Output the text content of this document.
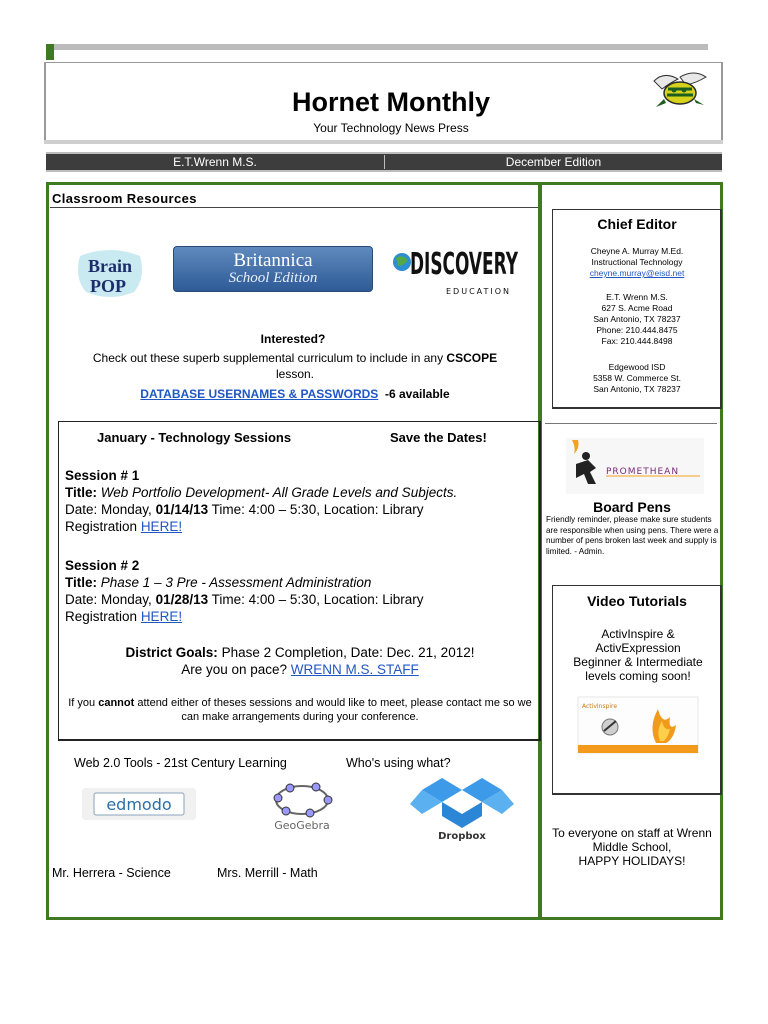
Hornet Monthly
Your Technology News Press
E.T.Wrenn M.S.	December Edition
Classroom Resources
Brain
POP
Britannica
School Edition	DISCOVERY
EDUCATION
Interested?
Check out these superb supplemental curriculum to include in any CSCOPE
lesson.
DATABASE USERNAMES & PASSWORDS -6 available
January - Technology Sessions	Save the Dates!
Session # 1
Title: Web Portfolio Development- All Grade Levels and Subjects.
Date: Monday, 01/14/13 Time: 4:00 – 5:30, Location: Library
Registration HERE!
Session # 2
Title: Phase 1 – 3 Pre - Assessment Administration
Date: Monday, 01/28/13 Time: 4:00 – 5:30, Location: Library
Registration HERE!
District Goals: Phase 2 Completion, Date: Dec. 21, 2012!
Are you on pace? WRENN M.S. STAFF
If you cannot attend either of theses sessions and would like to meet, please contact me so we can make arrangements during your conference.
Web 2.0 Tools - 21st Century Learning	Who's using what?
edmodo
GeoGebra
Dropbox
Mr. Herrera - Science	Mrs. Merrill - Math
Chief Editor
Cheyne A. Murray M.Ed.
Instructional Technology
cheyne.murray@eisd.net
E.T. Wrenn M.S.
627 S. Acme Road
San Antonio, TX 78237
Phone: 210.444.8475
Fax: 210.444.8498
Edgewood ISD
5358 W. Commerce St.
San Antonio, TX 78237
PROMETHEAN
Board Pens
Friendly reminder, please make sure students are responsible when using pens. There were a number of pens broken last week and supply is limited. - Admin.
Video Tutorials
ActivInspire &
ActivExpression
Beginner & Intermediate
levels coming soon!
ActivInspire
To everyone on staff at Wrenn
Middle School,
HAPPY HOLIDAYS!
